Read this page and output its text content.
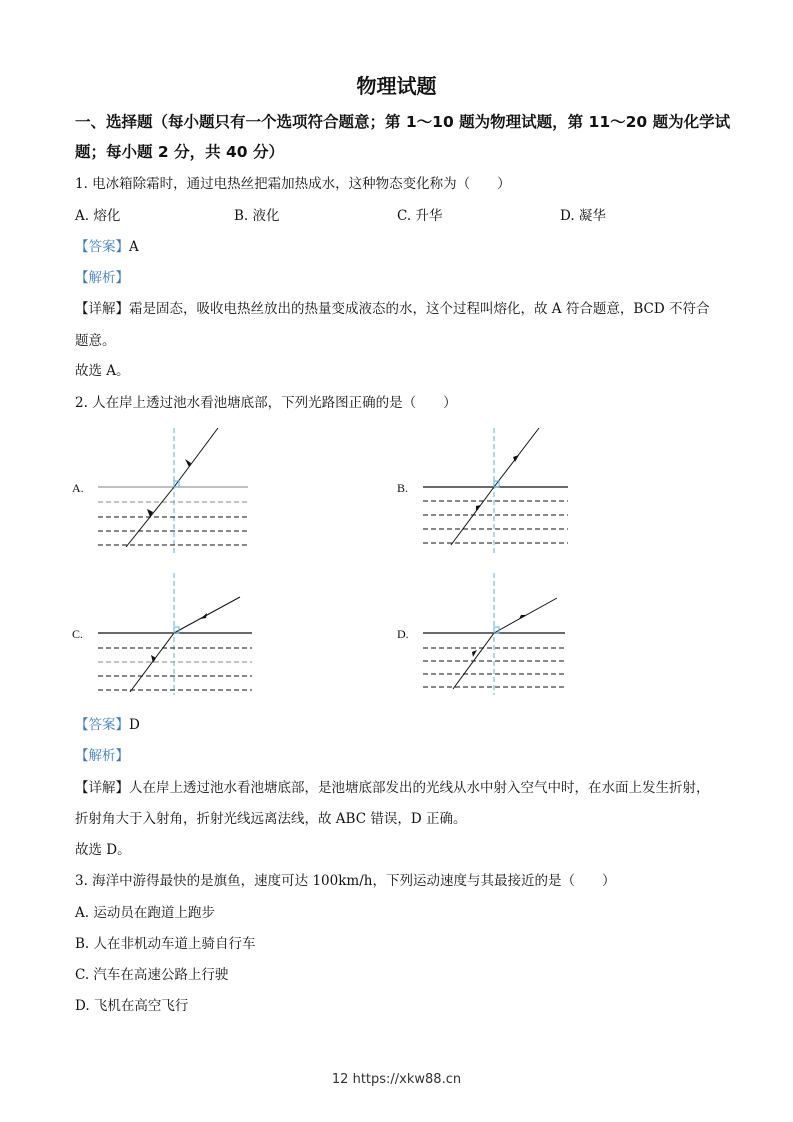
物理试题
一、选择题（每小题只有一个选项符合题意；第 1～10 题为物理试题，第 11～20 题为化学试
题；每小题 2 分，共 40 分）
1. 电冰箱除霜时，通过电热丝把霜加热成水，这种物态变化称为（　　）
A. 熔化	B. 液化	C. 升华	D. 凝华
【答案】A
【解析】
【详解】霜是固态，吸收电热丝放出的热量变成液态的水，这个过程叫熔化，故 A 符合题意，BCD 不符合
题意。
故选 A。
2. 人在岸上透过池水看池塘底部，下列光路图正确的是（　　）
A.	B.
C.	D.
【答案】D
【解析】
【详解】人在岸上透过池水看池塘底部，是池塘底部发出的光线从水中射入空气中时，在水面上发生折射，
折射角大于入射角，折射光线远离法线，故 ABC 错误，D 正确。
故选 D。
3. 海洋中游得最快的是旗鱼，速度可达 100km/h，下列运动速度与其最接近的是（　　）
A. 运动员在跑道上跑步
B. 人在非机动车道上骑自行车
C. 汽车在高速公路上行驶
D. 飞机在高空飞行
12 https://xkw88.cn
